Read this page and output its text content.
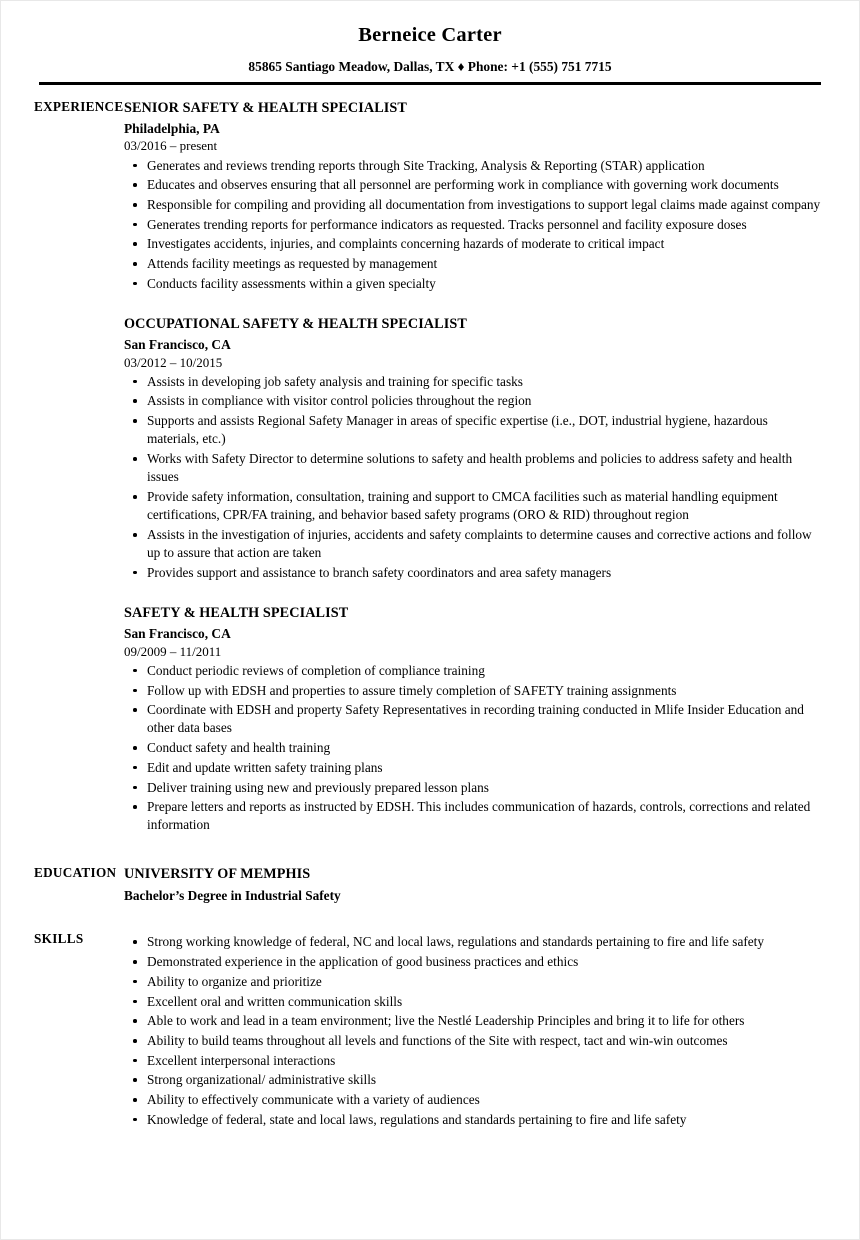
Berneice Carter
85865 Santiago Meadow, Dallas, TX ♦ Phone: +1 (555) 751 7715
EXPERIENCE SENIOR SAFETY & HEALTH SPECIALIST
Philadelphia, PA
03/2016 – present
Generates and reviews trending reports through Site Tracking, Analysis & Reporting (STAR) application
Educates and observes ensuring that all personnel are performing work in compliance with governing work documents
Responsible for compiling and providing all documentation from investigations to support legal claims made against company
Generates trending reports for performance indicators as requested. Tracks personnel and facility exposure doses
Investigates accidents, injuries, and complaints concerning hazards of moderate to critical impact
Attends facility meetings as requested by management
Conducts facility assessments within a given specialty
OCCUPATIONAL SAFETY & HEALTH SPECIALIST
San Francisco, CA
03/2012 – 10/2015
Assists in developing job safety analysis and training for specific tasks
Assists in compliance with visitor control policies throughout the region
Supports and assists Regional Safety Manager in areas of specific expertise (i.e., DOT, industrial hygiene, hazardous materials, etc.)
Works with Safety Director to determine solutions to safety and health problems and policies to address safety and health issues
Provide safety information, consultation, training and support to CMCA facilities such as material handling equipment certifications, CPR/FA training, and behavior based safety programs (ORO & RID) throughout region
Assists in the investigation of injuries, accidents and safety complaints to determine causes and corrective actions and follow up to assure that action are taken
Provides support and assistance to branch safety coordinators and area safety managers
SAFETY & HEALTH SPECIALIST
San Francisco, CA
09/2009 – 11/2011
Conduct periodic reviews of completion of compliance training
Follow up with EDSH and properties to assure timely completion of SAFETY training assignments
Coordinate with EDSH and property Safety Representatives in recording training conducted in Mlife Insider Education and other data bases
Conduct safety and health training
Edit and update written safety training plans
Deliver training using new and previously prepared lesson plans
Prepare letters and reports as instructed by EDSH. This includes communication of hazards, controls, corrections and related information
EDUCATION UNIVERSITY OF MEMPHIS
Bachelor’s Degree in Industrial Safety
SKILLS	Strong working knowledge of federal, NC and local laws, regulations and standards pertaining to fire and life safety
Demonstrated experience in the application of good business practices and ethics
Ability to organize and prioritize
Excellent oral and written communication skills
Able to work and lead in a team environment; live the Nestlé Leadership Principles and bring it to life for others
Ability to build teams throughout all levels and functions of the Site with respect, tact and win-win outcomes
Excellent interpersonal interactions
Strong organizational/ administrative skills
Ability to effectively communicate with a variety of audiences
Knowledge of federal, state and local laws, regulations and standards pertaining to fire and life safety
